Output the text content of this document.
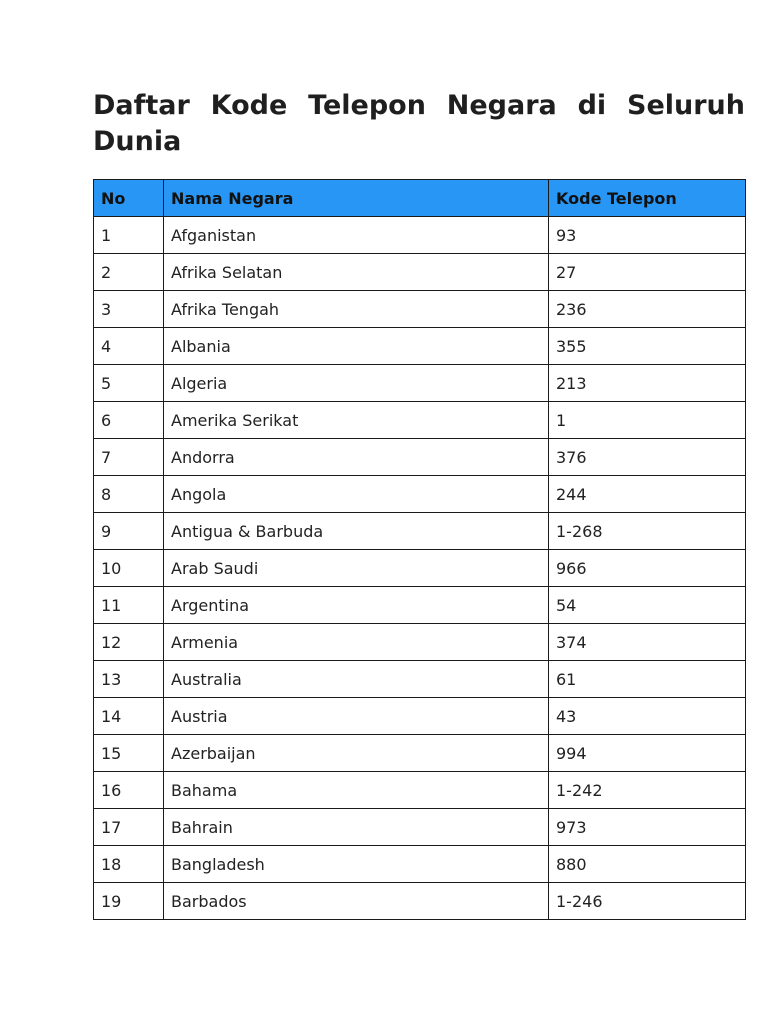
Daftar Kode Telepon Negara di Seluruh Dunia
No	Nama Negara	Kode Telepon
1	Afganistan	93
2	Afrika Selatan	27
3	Afrika Tengah	236
4	Albania	355
5	Algeria	213
6	Amerika Serikat	1
7	Andorra	376
8	Angola	244
9	Antigua & Barbuda	1-268
10	Arab Saudi	966
11	Argentina	54
12	Armenia	374
13	Australia	61
14	Austria	43
15	Azerbaijan	994
16	Bahama	1-242
17	Bahrain	973
18	Bangladesh	880
19	Barbados	1-246
